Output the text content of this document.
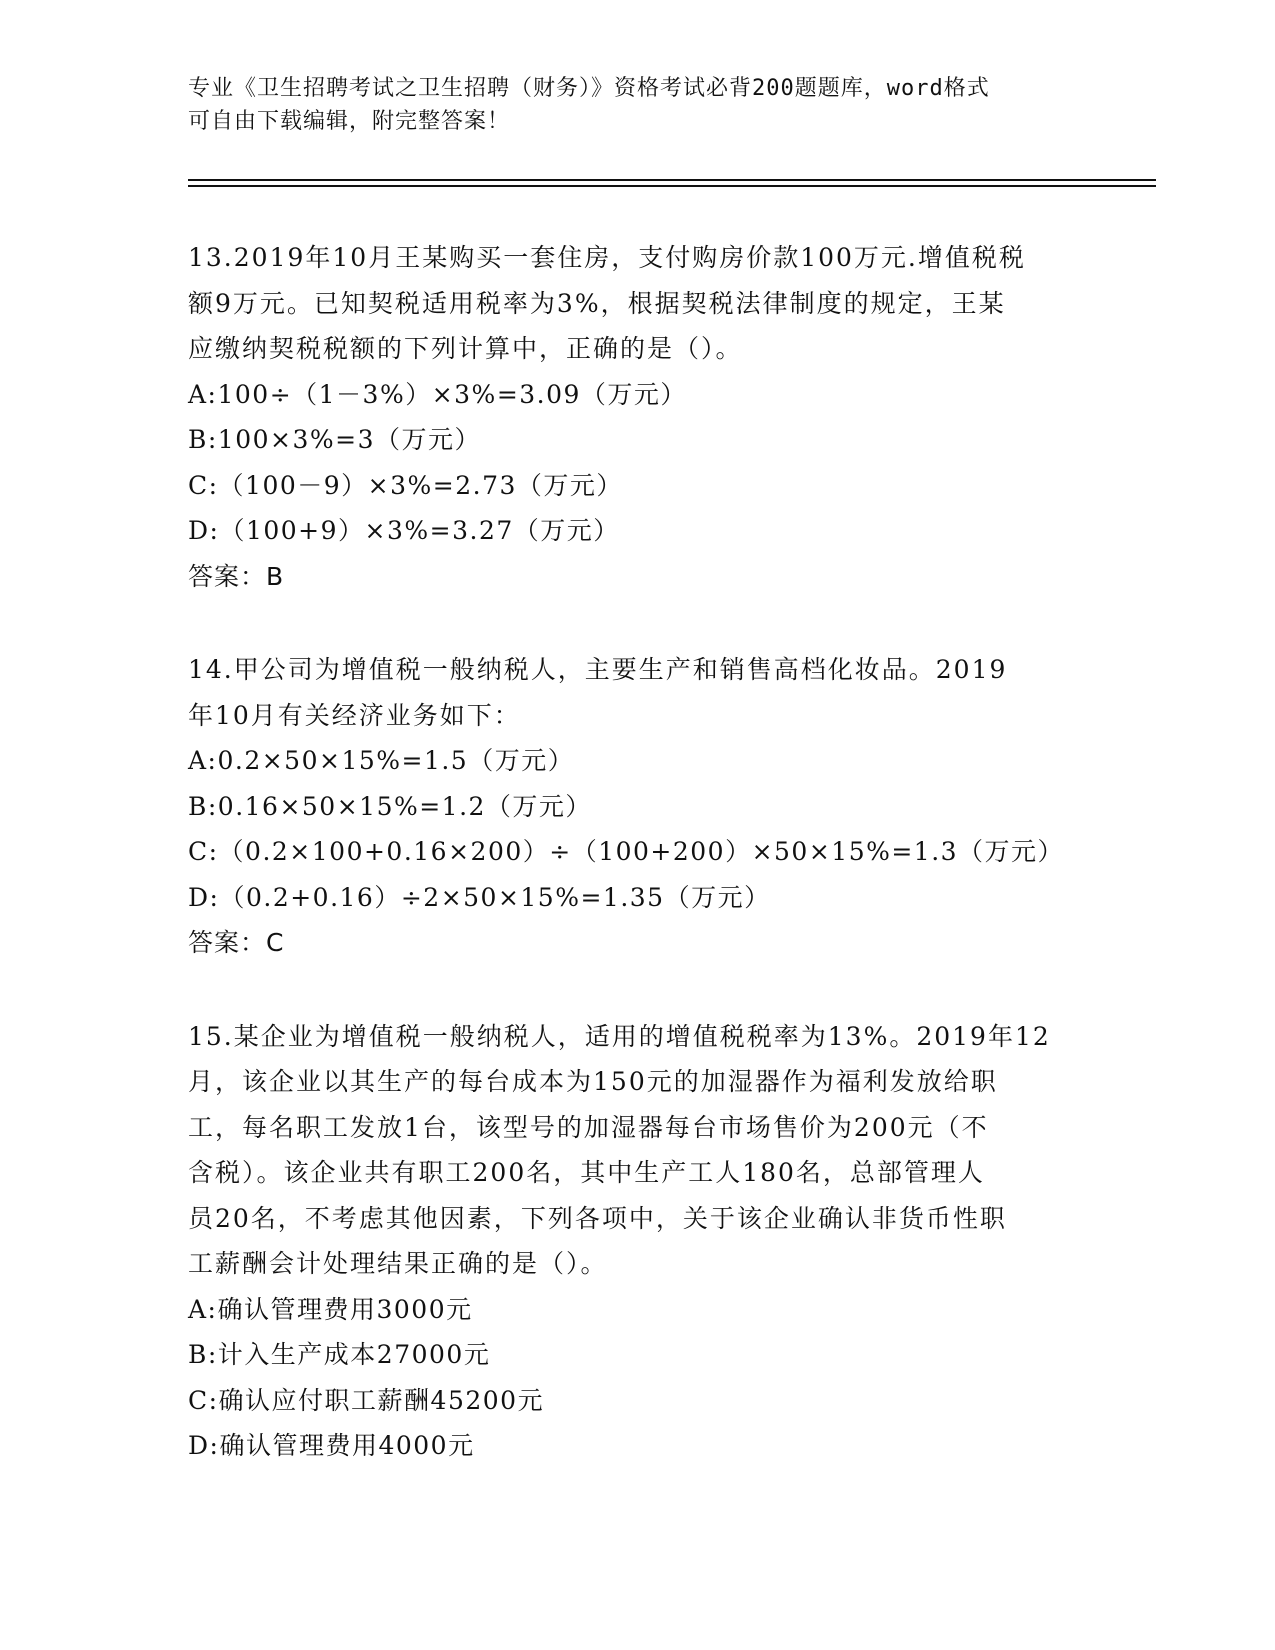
专业《卫生招聘考试之卫生招聘（财务）》资格考试必背200题题库，word格式
可自由下载编辑，附完整答案！
13.2019年10月王某购买一套住房，支付购房价款100万元.增值税税
额9万元。已知契税适用税率为3%，根据契税法律制度的规定，王某
应缴纳契税税额的下列计算中，正确的是（）。
A:100÷（1－3%）×3%=3.09（万元）
B:100×3%=3（万元）
C:（100－9）×3%=2.73（万元）
D:（100+9）×3%=3.27（万元）
答案：B
14.甲公司为增值税一般纳税人，主要生产和销售高档化妆品。2019
年10月有关经济业务如下：
A:0.2×50×15%=1.5（万元）
B:0.16×50×15%=1.2（万元）
C:（0.2×100+0.16×200）÷（100+200）×50×15%=1.3（万元）
D:（0.2+0.16）÷2×50×15%=1.35（万元）
答案：C
15.某企业为增值税一般纳税人，适用的增值税税率为13%。2019年12
月，该企业以其生产的每台成本为150元的加湿器作为福利发放给职
工，每名职工发放1台，该型号的加湿器每台市场售价为200元（不
含税）。该企业共有职工200名，其中生产工人180名，总部管理人
员20名，不考虑其他因素，下列各项中，关于该企业确认非货币性职
工薪酬会计处理结果正确的是（）。
A:确认管理费用3000元
B:计入生产成本27000元
C:确认应付职工薪酬45200元
D:确认管理费用4000元
